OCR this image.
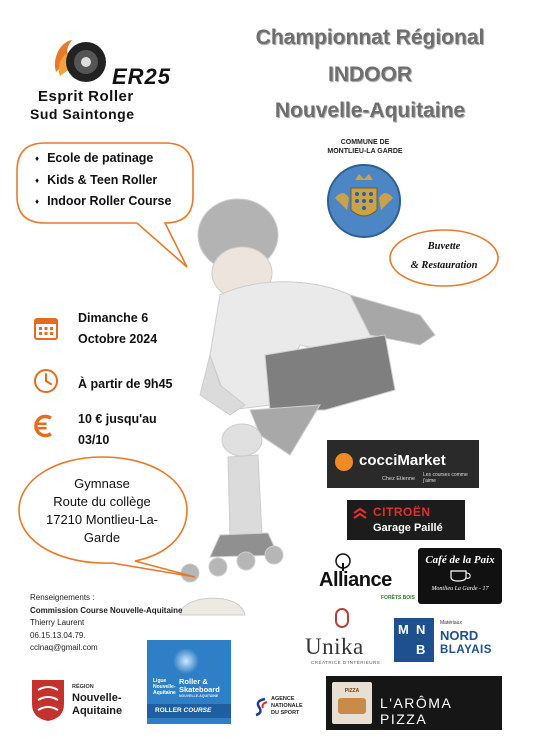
ER25
Esprit Roller
Sud Saintonge
Championnat Régional
INDOOR
Nouvelle-Aquitaine
♦ Ecole de patinage
♦ Kids & Teen Roller
♦ Indoor Roller Course
COMMUNE DE
MONTLIEU-LA GARDE
Buvette
& Restauration
Dimanche 6
Octobre 2024
À partir de 9h45
10 € jusqu'au
03/10
Gymnase
Route du collège
17210 Montlieu-La-
Garde
Renseignements :
Commission Course Nouvelle-Aquitaine
Thierry Laurent
06.15.13.04.79.
cclnaq@gmail.com
cocciMarket
Les courses comme j'aime
Chez Etienne
CITROËN
Garage Paillé
Alliance
FORÊTS BOIS
Café de la Paix
Montlieu La Garde - 17
Unika
CRÉATRICE D'INTÉRIEURS
M N
B
Matériaux
NORD
BLAYAIS
RÉGION
Nouvelle-
Aquitaine
Ligue Nouvelle-Aquitaine
Roller & Skateboard
NOUVELLE-AQUITAINE
ROLLER COURSE
AGENCE
NATIONALE
DU SPORT
PIZZA
L'ARÔMA PIZZA
